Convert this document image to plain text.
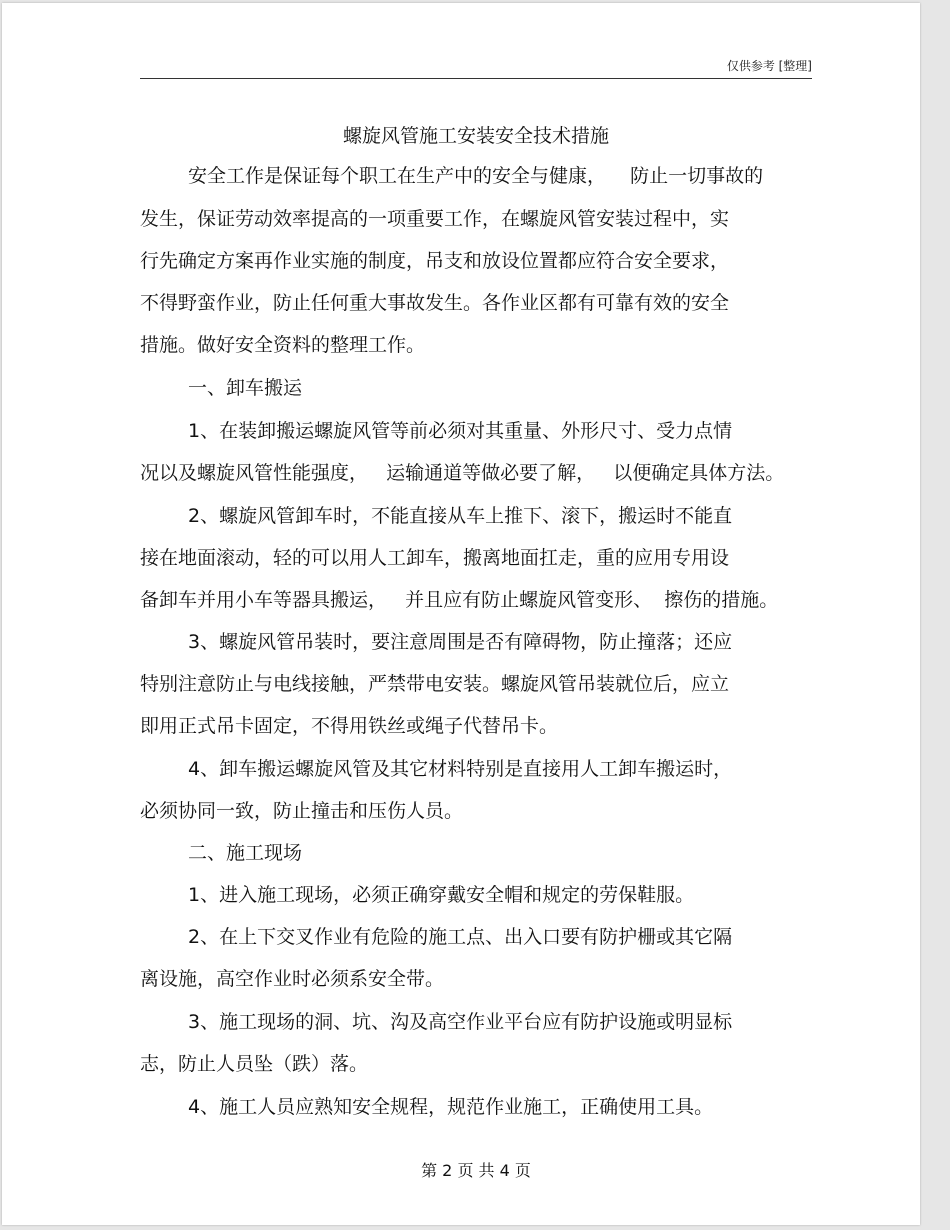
仅供参考 [整理]
螺旋风管施工安装安全技术措施
安全工作是保证每个职工在生产中的安全与健康，    防止一切事故的
发生，保证劳动效率提高的一项重要工作，在螺旋风管安装过程中，实
行先确定方案再作业实施的制度，吊支和放设位置都应符合安全要求，
不得野蛮作业，防止任何重大事故发生。各作业区都有可靠有效的安全
措施。做好安全资料的整理工作。
一、卸车搬运
1、在装卸搬运螺旋风管等前必须对其重量、外形尺寸、受力点情
况以及螺旋风管性能强度，   运输通道等做必要了解，   以便确定具体方法。
2、螺旋风管卸车时，不能直接从车上推下、滚下，搬运时不能直
接在地面滚动，轻的可以用人工卸车，搬离地面扛走，重的应用专用设
备卸车并用小车等器具搬运，   并且应有防止螺旋风管变形、  擦伤的措施。
3、螺旋风管吊装时，要注意周围是否有障碍物，防止撞落；还应
特别注意防止与电线接触，严禁带电安装。螺旋风管吊装就位后，应立
即用正式吊卡固定，不得用铁丝或绳子代替吊卡。
4、卸车搬运螺旋风管及其它材料特别是直接用人工卸车搬运时，
必须协同一致，防止撞击和压伤人员。
二、施工现场
1、进入施工现场，必须正确穿戴安全帽和规定的劳保鞋服。
2、在上下交叉作业有危险的施工点、出入口要有防护栅或其它隔
离设施，高空作业时必须系安全带。
3、施工现场的洞、坑、沟及高空作业平台应有防护设施或明显标
志，防止人员坠（跌）落。
4、施工人员应熟知安全规程，规范作业施工，正确使用工具。
第 2 页 共 4 页
